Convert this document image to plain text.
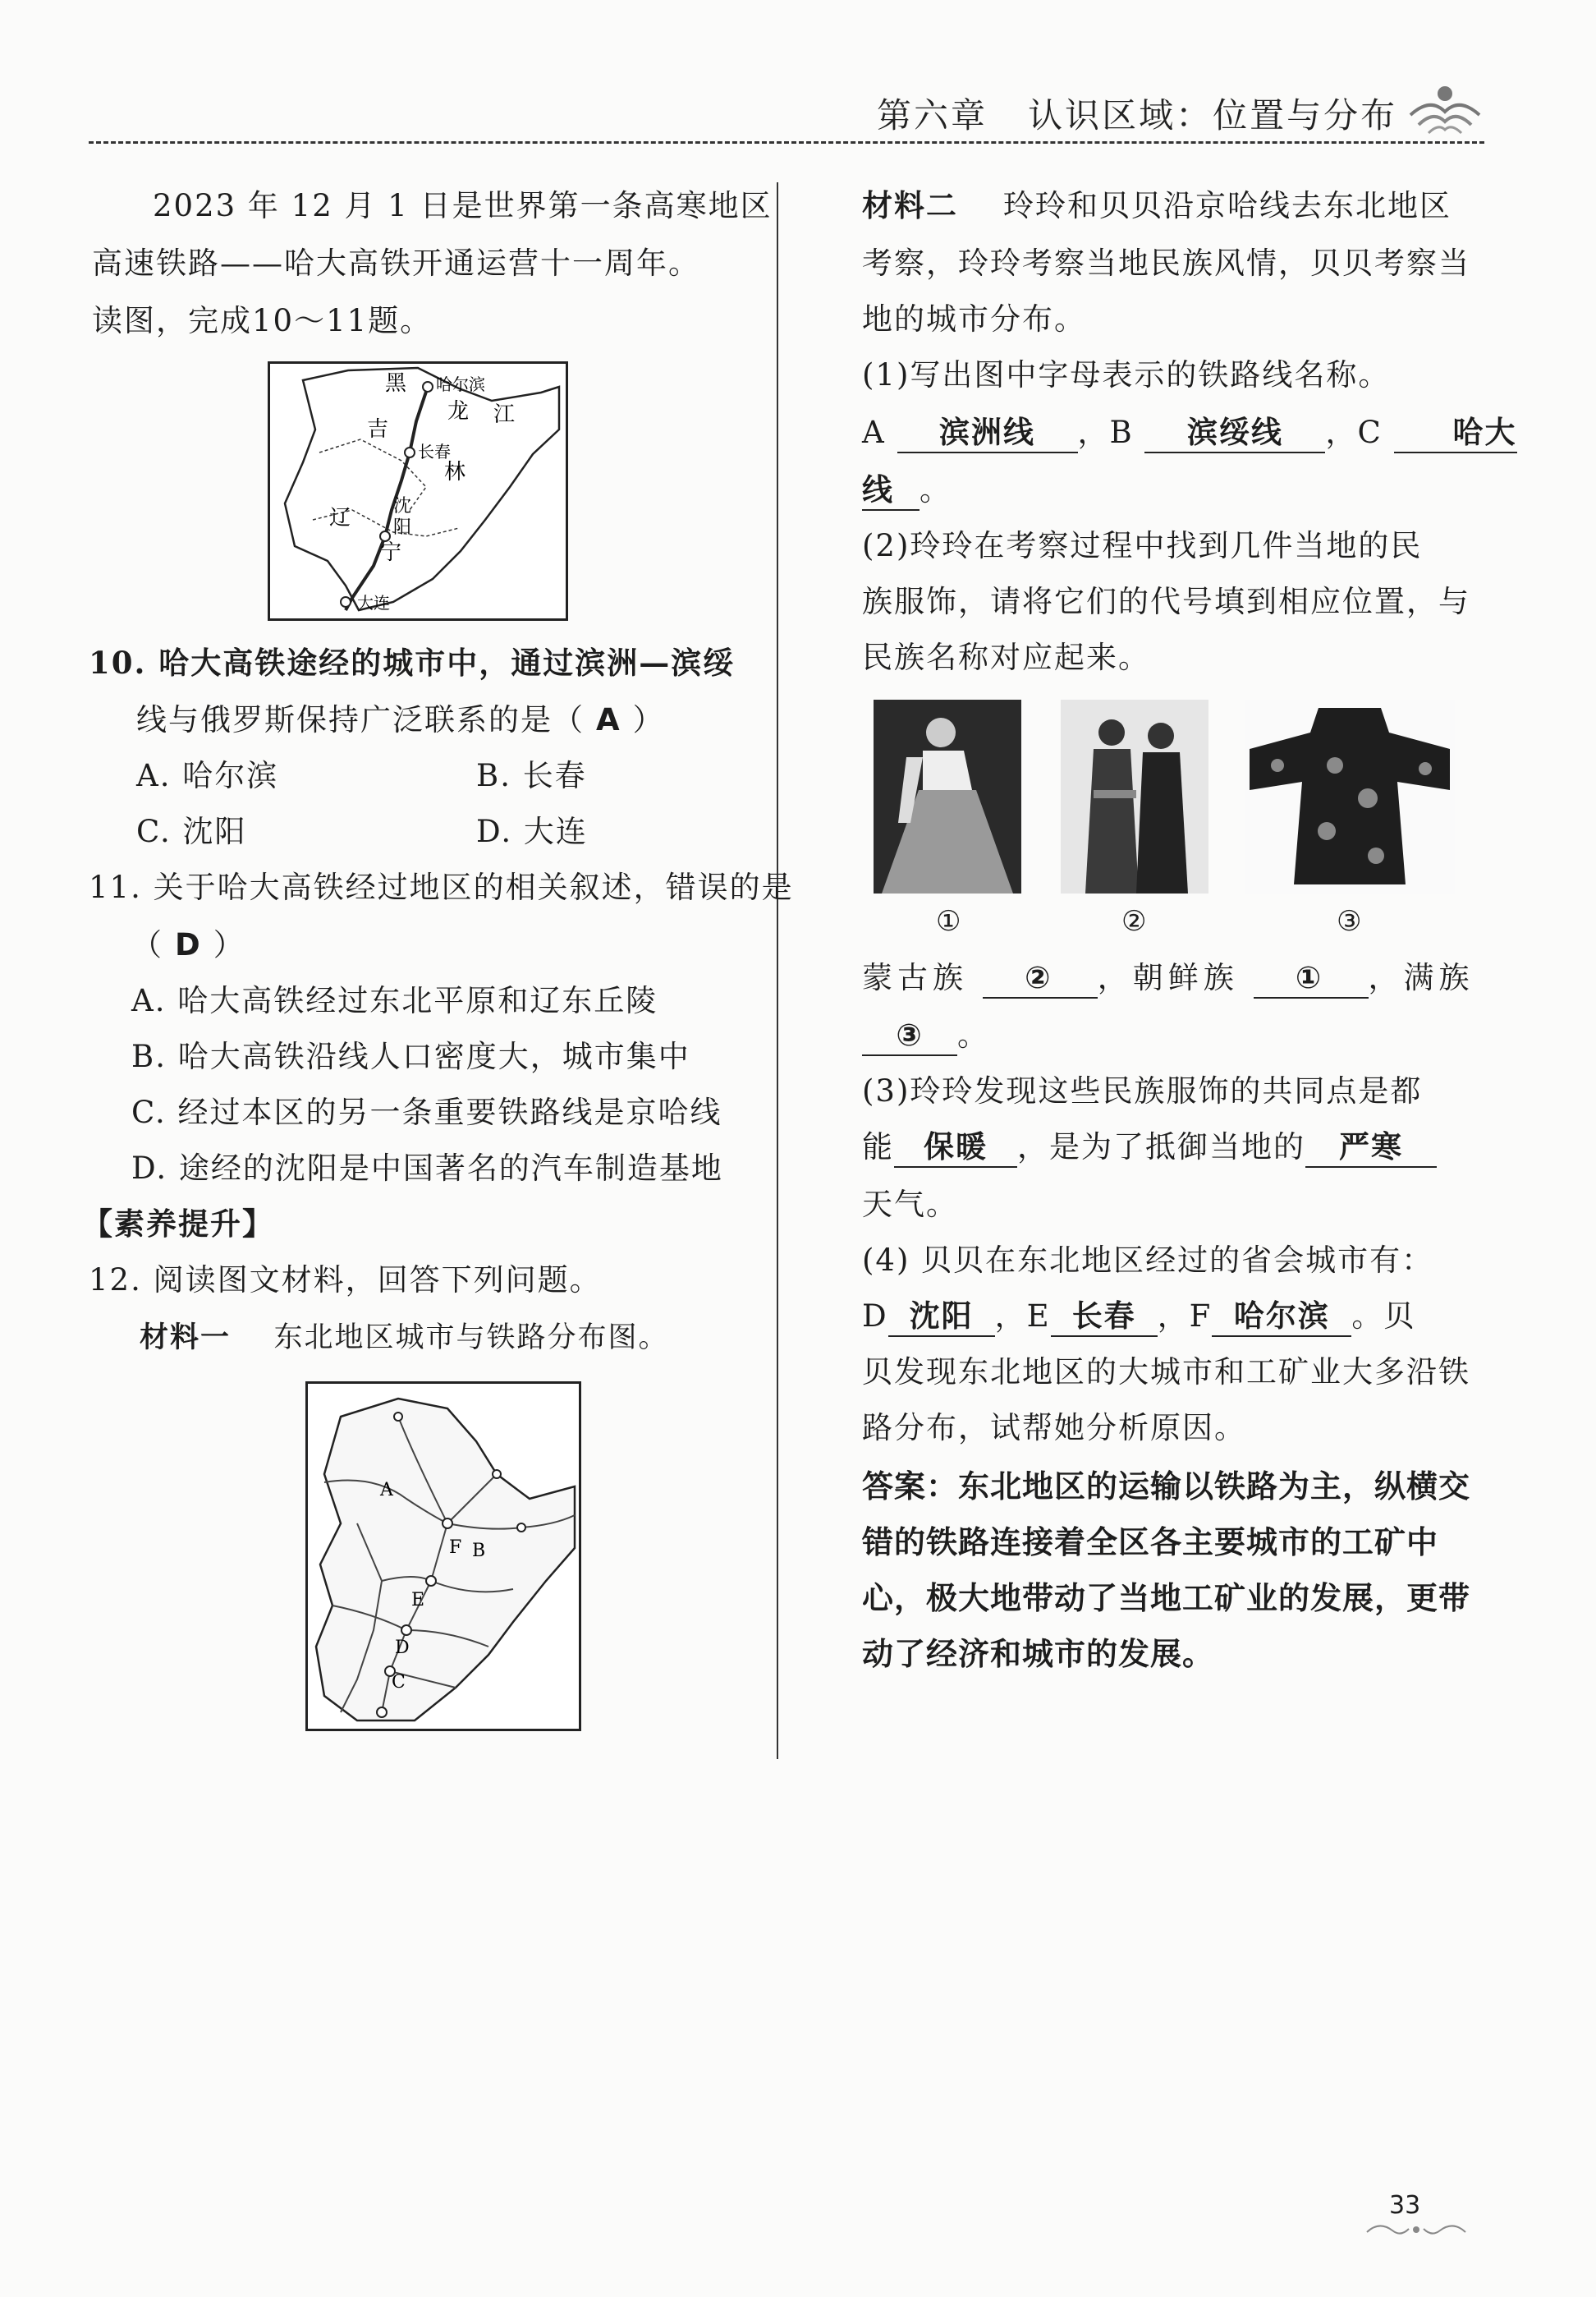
第六章 认识区域：位置与分布
2023 年 12 月 1 日是世界第一条高寒地区
高速铁路——哈大高铁开通运营十一周年。
读图，完成10～11题。
黑 哈尔滨
龙 江
吉
长春
林
沈
阳
辽
宁
大连
10. 哈大高铁途经的城市中，通过滨洲—滨绥
线与俄罗斯保持广泛联系的是（ A ）
A. 哈尔滨	B. 长春
C. 沈阳	D. 大连
11. 关于哈大高铁经过地区的相关叙述，错误的是
（ D ）
A. 哈大高铁经过东北平原和辽东丘陵
B. 哈大高铁沿线人口密度大，城市集中
C. 经过本区的另一条重要铁路线是京哈线
D. 途经的沈阳是中国著名的汽车制造基地
【素养提升】
12. 阅读图文材料，回答下列问题。
材料一 东北地区城市与铁路分布图。
A
B
C
D
E
F
材料二 玲玲和贝贝沿京哈线去东北地区
考察，玲玲考察当地民族风情，贝贝考察当
地的城市分布。
(1)写出图中字母表示的铁路线名称。
A 滨洲线 ，B 滨绥线 ，C 哈大
线 。
(2)玲玲在考察过程中找到几件当地的民
族服饰，请将它们的代号填到相应位置，与
民族名称对应起来。
①	②	③
蒙古族 ② ，朝鲜族 ① ，满族
③ 。
(3)玲玲发现这些民族服饰的共同点是都
能 保暖 ，是为了抵御当地的 严寒
天气。
(4) 贝贝在东北地区经过的省会城市有：
D 沈阳 ，E 长春 ，F 哈尔滨 。贝
贝发现东北地区的大城市和工矿业大多沿铁
路分布，试帮她分析原因。
答案：东北地区的运输以铁路为主，纵横交
错的铁路连接着全区各主要城市的工矿中
心，极大地带动了当地工矿业的发展，更带
动了经济和城市的发展。
33
